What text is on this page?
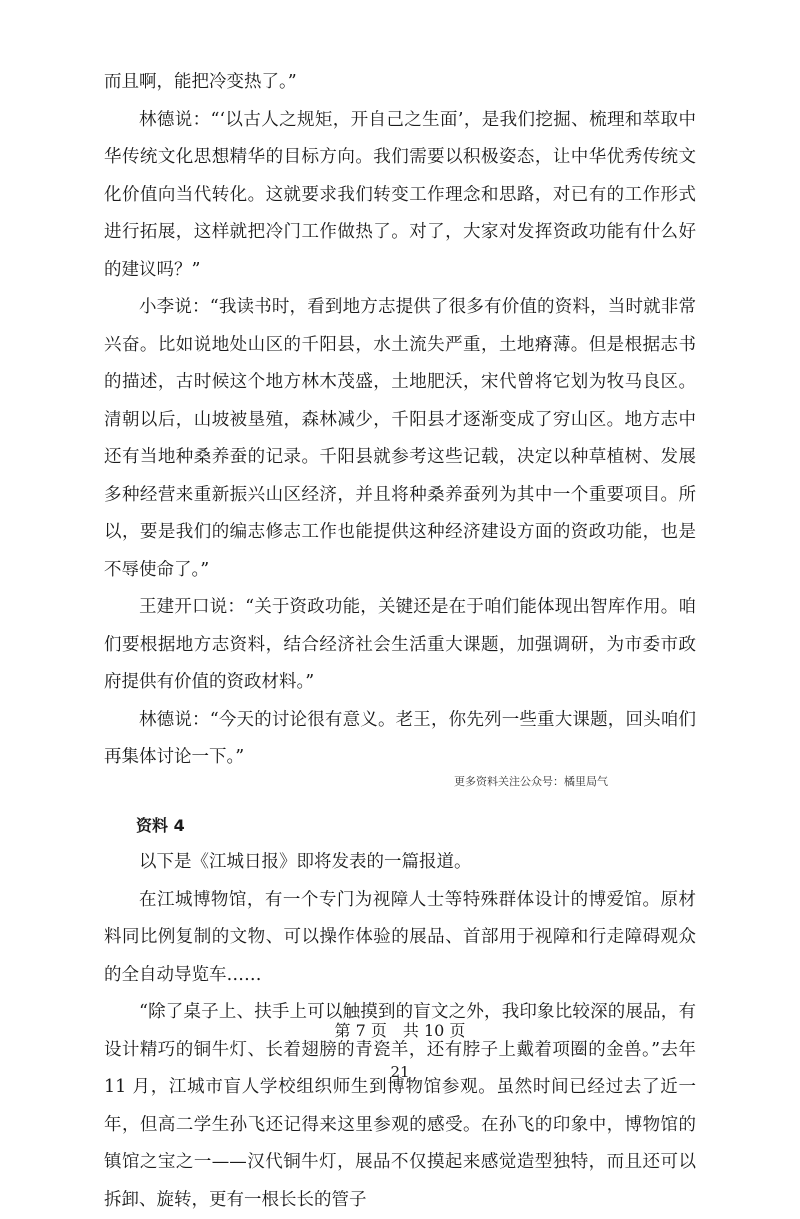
而且啊，能把冷变热了。”

林德说：“‘以古人之规矩，开自己之生面’，是我们挖掘、梳理和萃取中华传统文化思想精华的目标方向。我们需要以积极姿态，让中华优秀传统文化价值向当代转化。这就要求我们转变工作理念和思路，对已有的工作形式进行拓展，这样就把冷门工作做热了。对了，大家对发挥资政功能有什么好的建议吗？”

小李说：“我读书时，看到地方志提供了很多有价值的资料，当时就非常兴奋。比如说地处山区的千阳县，水土流失严重，土地瘠薄。但是根据志书的描述，古时候这个地方林木茂盛，土地肥沃，宋代曾将它划为牧马良区。清朝以后，山坡被垦殖，森林减少，千阳县才逐渐变成了穷山区。地方志中还有当地种桑养蚕的记录。千阳县就参考这些记载，决定以种草植树、发展多种经营来重新振兴山区经济，并且将种桑养蚕列为其中一个重要项目。所以，要是我们的编志修志工作也能提供这种经济建设方面的资政功能，也是不辱使命了。”

王建开口说：“关于资政功能，关键还是在于咱们能体现出智库作用。咱们要根据地方志资料，结合经济社会生活重大课题，加强调研，为市委市政府提供有价值的资政材料。”

林德说：“今天的讨论很有意义。老王，你先列一些重大课题，回头咱们再集体讨论一下。”

更多资料关注公众号：橘里局气

资料 4

以下是《江城日报》即将发表的一篇报道。

在江城博物馆，有一个专门为视障人士等特殊群体设计的博爱馆。原材料同比例复制的文物、可以操作体验的展品、首部用于视障和行走障碍观众的全自动导览车……

“除了桌子上、扶手上可以触摸到的盲文之外，我印象比较深的展品，有设计精巧的铜牛灯、长着翅膀的青瓷羊，还有脖子上戴着项圈的金兽。”去年 11 月，江城市盲人学校组织师生到博物馆参观。虽然时间已经过去了近一年，但高二学生孙飞还记得来这里参观的感受。在孙飞的印象中，博物馆的镇馆之宝之一——汉代铜牛灯，展品不仅摸起来感觉造型独特，而且还可以拆卸、旋转，更有一根长长的管子

第 7 页　共 10 页
21
